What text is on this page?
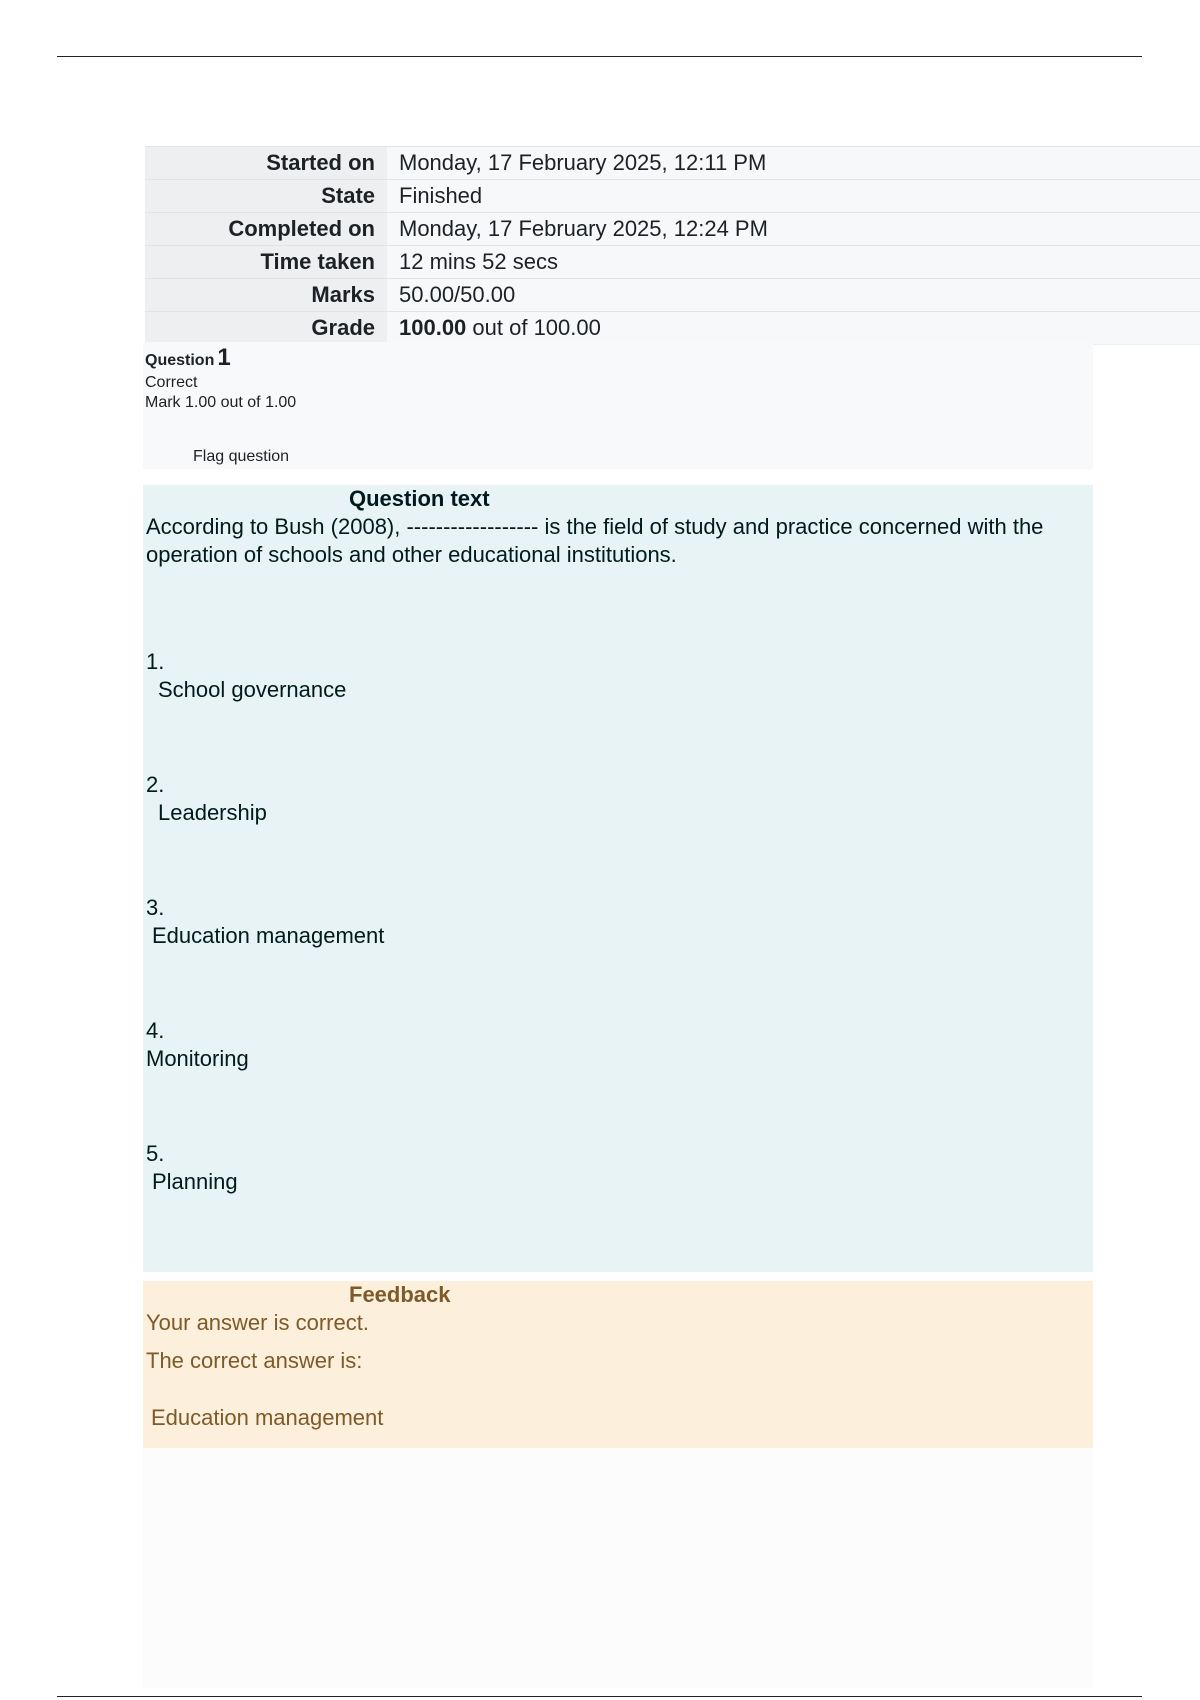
Started on	Monday, 17 February 2025, 12:11 PM
State	Finished
Completed on	Monday, 17 February 2025, 12:24 PM
Time taken	12 mins 52 secs
Marks	50.00/50.00
Grade	100.00 out of 100.00
Question 1
Correct
Mark 1.00 out of 1.00
Flag question
Question text
According to Bush (2008), ------------------ is the field of study and practice concerned with the operation of schools and other educational institutions.
1.
School governance
2.
Leadership
3.
Education management
4.
Monitoring
5.
Planning
Feedback
Your answer is correct.
The correct answer is:
Education management
